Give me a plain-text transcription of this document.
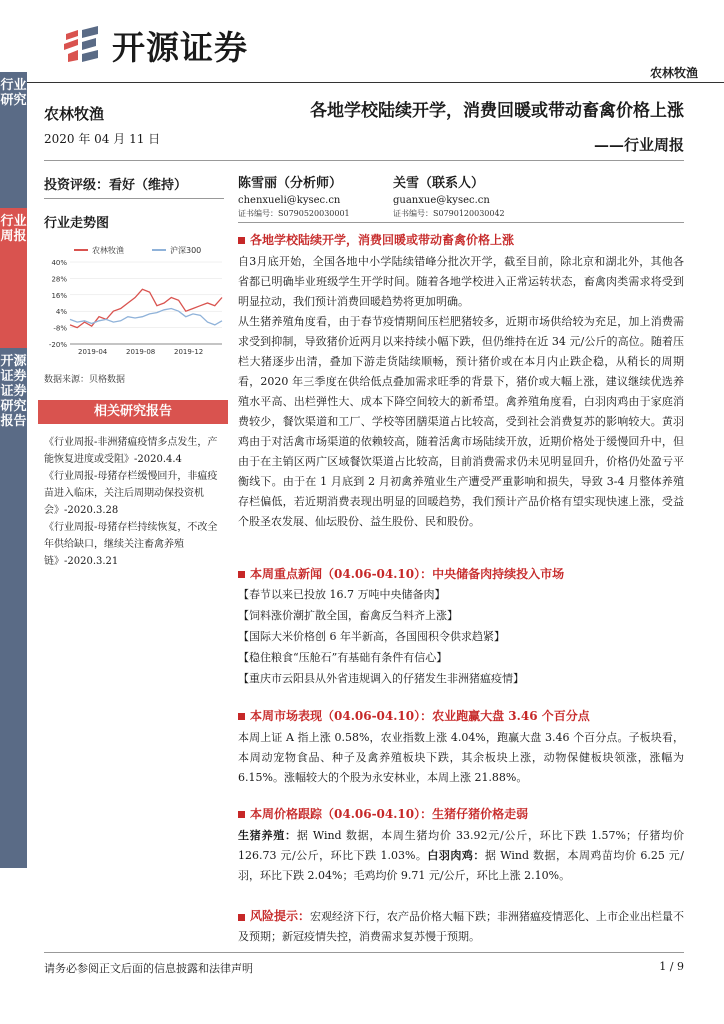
开源证券
农林牧渔
行业研究
行业周报
开源证券 证券研究报告
农林牧渔
2020 年 04 月 11 日
各地学校陆续开学，消费回暖或带动畜禽价格上涨
——行业周报
投资评级：看好（维持）
行业走势图
农林牧渔	沪深300
40%
28%
16%
4%
-8%
-20%
2019-04	2019-08	2019-12
数据来源：贝格数据
相关研究报告
《行业周报-非洲猪瘟疫情多点发生，产能恢复进度或受阻》-2020.4.4
《行业周报-母猪存栏缓慢回升，非瘟疫苗进入临床，关注后周期动保投资机会》-2020.3.28
《行业周报-母猪存栏持续恢复，不改全年供给缺口，继续关注畜禽养殖链》-2020.3.21
陈雪丽（分析师）
chenxueli@kysec.cn
证书编号：S0790520030001
关雪（联系人）
guanxue@kysec.cn
证书编号：S0790120030042
各地学校陆续开学，消费回暖或带动畜禽价格上涨
自3月底开始，全国各地中小学陆续错峰分批次开学，截至目前，除北京和湖北外，其他各省都已明确毕业班级学生开学时间。随着各地学校进入正常运转状态，畜禽肉类需求将受到明显拉动，我们预计消费回暖趋势将更加明确。
从生猪养殖角度看，由于春节疫情期间压栏肥猪较多，近期市场供给较为充足，加上消费需求受到抑制，导致猪价近两月以来持续小幅下跌，但仍维持在近 34 元/公斤的高位。随着压栏大猪逐步出清，叠加下游走货陆续顺畅，预计猪价或在本月内止跌企稳，从稍长的周期看，2020 年三季度在供给低点叠加需求旺季的背景下，猪价或大幅上涨，建议继续优选养殖水平高、出栏弹性大、成本下降空间较大的新希望。禽养殖角度看，白羽肉鸡由于家庭消费较少，餐饮渠道和工厂、学校等团膳渠道占比较高，受到社会消费复苏的影响较大。黄羽鸡由于对活禽市场渠道的依赖较高，随着活禽市场陆续开放，近期价格处于缓慢回升中，但由于在主销区两广区域餐饮渠道占比较高，目前消费需求仍未见明显回升，价格仍处盈亏平衡线下。由于在 1 月底到 2 月初禽养殖业生产遭受严重影响和损失，导致 3-4 月整体养殖存栏偏低，若近期消费表现出明显的回暖趋势，我们预计产品价格有望实现快速上涨，受益个股圣农发展、仙坛股份、益生股份、民和股份。
本周重点新闻（04.06-04.10）：中央储备肉持续投入市场
【春节以来已投放 16.7 万吨中央储备肉】
【饲料涨价潮扩散全国，畜禽反刍料齐上涨】
【国际大米价格创 6 年半新高，各国囤积令供求趋紧】
【稳住粮食“压舱石”有基础有条件有信心】
【重庆市云阳县从外省违规调入的仔猪发生非洲猪瘟疫情】
本周市场表现（04.06-04.10）：农业跑赢大盘 3.46 个百分点
本周上证 A 指上涨 0.58%，农业指数上涨 4.04%，跑赢大盘 3.46 个百分点。子板块看，本周动宠物食品、种子及禽养殖板块下跌，其余板块上涨，动物保健板块领涨，涨幅为 6.15%。涨幅较大的个股为永安林业，本周上涨 21.88%。
本周价格跟踪（04.06-04.10）：生猪仔猪价格走弱
生猪养殖：据 Wind 数据，本周生猪均价 33.92元/公斤，环比下跌 1.57%；仔猪均价 126.73 元/公斤，环比下跌 1.03%。白羽肉鸡：据 Wind 数据，本周鸡苗均价 6.25 元/羽，环比下跌 2.04%；毛鸡均价 9.71 元/公斤，环比上涨 2.10%。
风险提示：宏观经济下行，农产品价格大幅下跌；非洲猪瘟疫情恶化、上市企业出栏量不及预期；新冠疫情失控，消费需求复苏慢于预期。
请务必参阅正文后面的信息披露和法律声明	1 / 9
